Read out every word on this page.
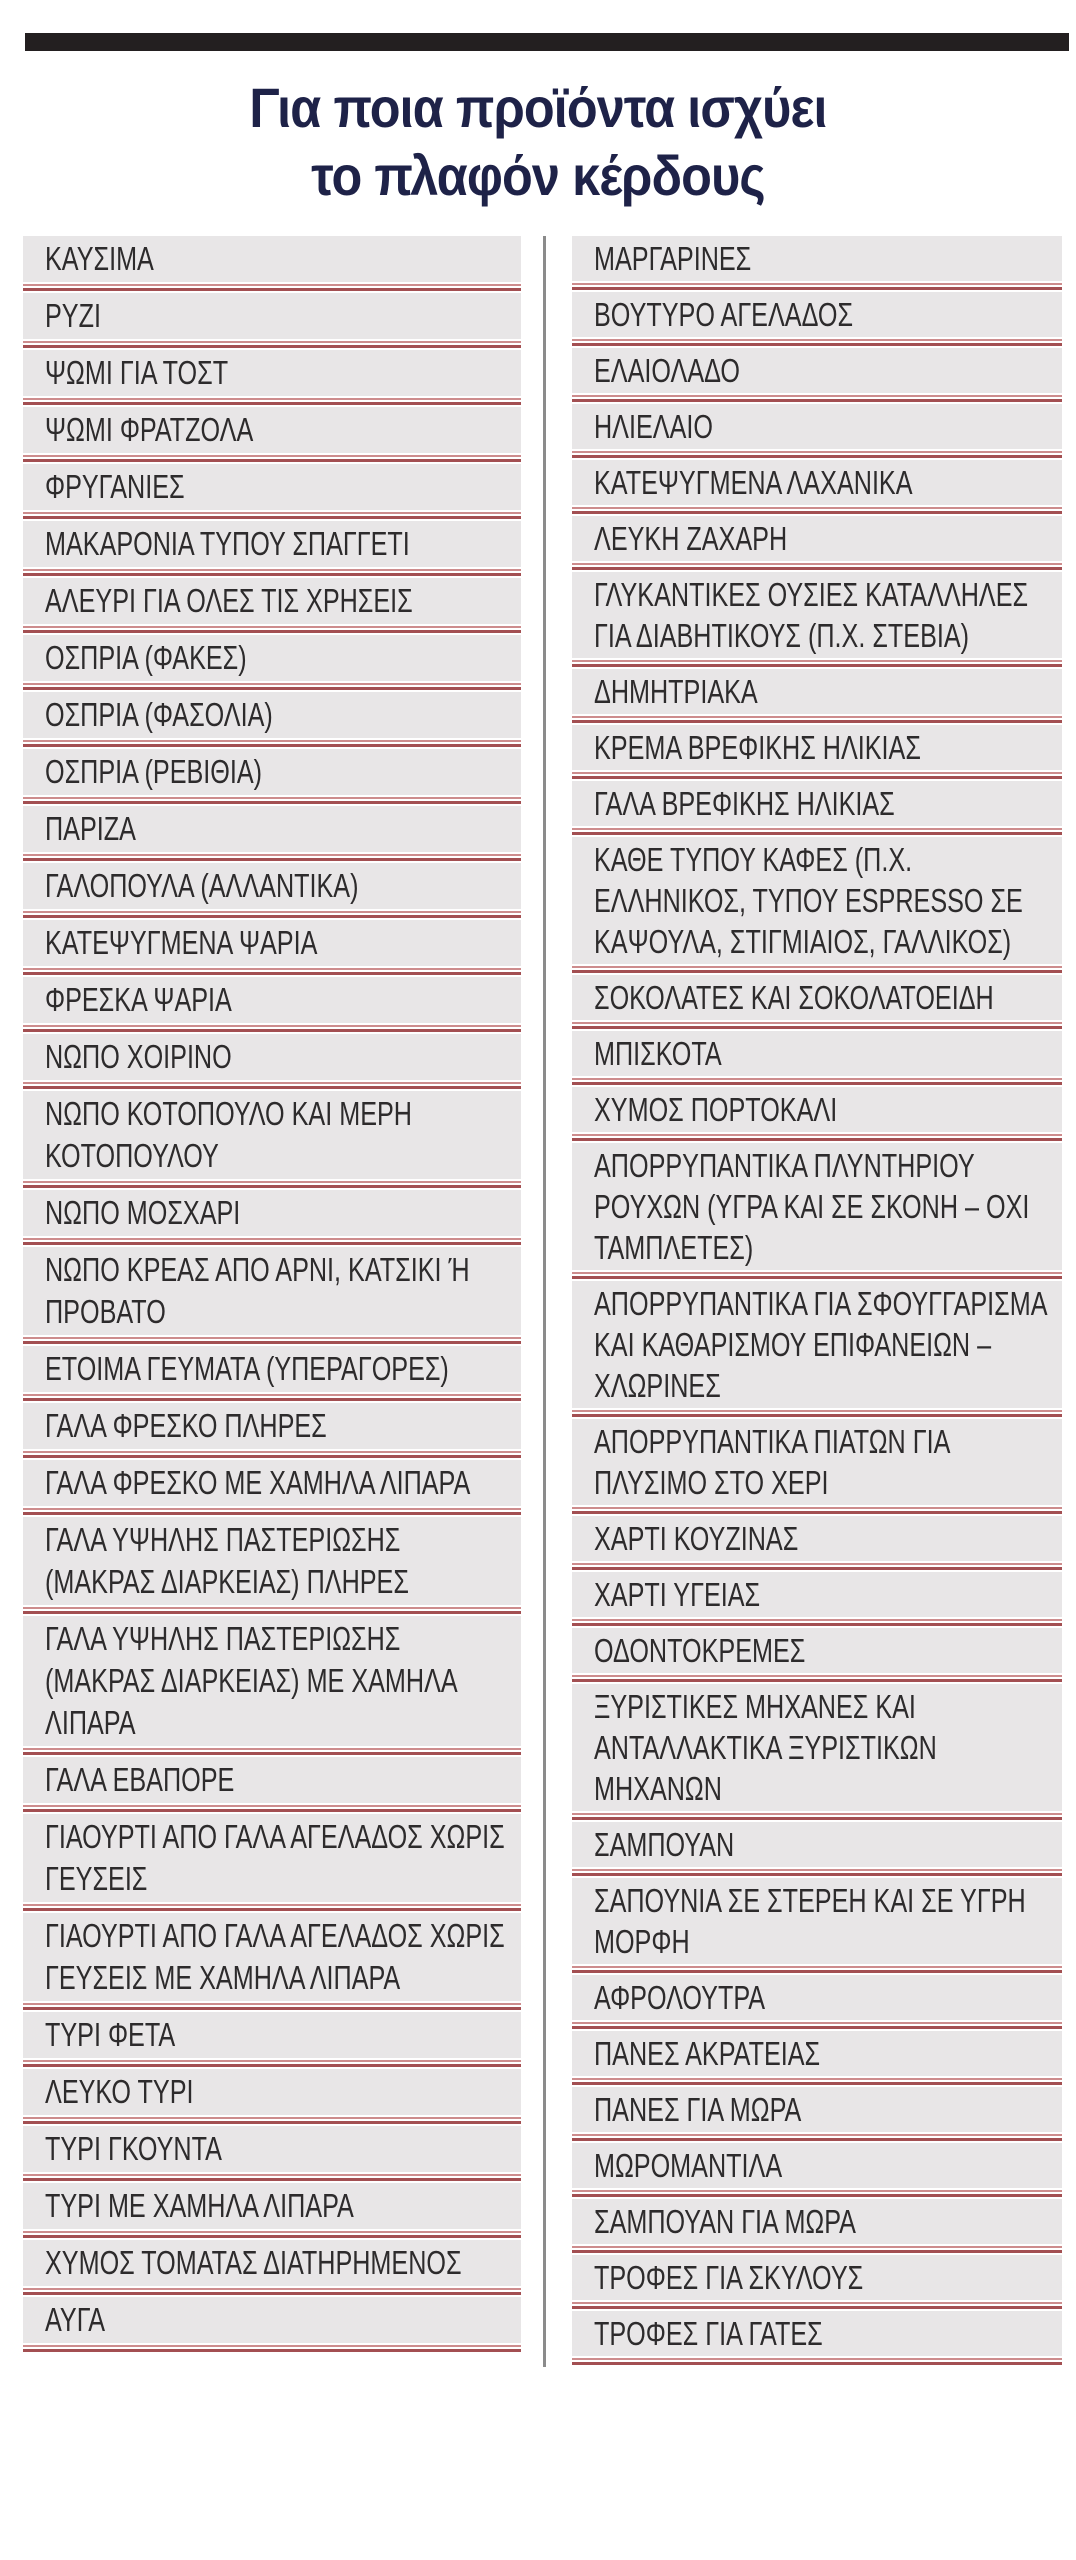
Για ποια προϊόντα ισχύει
το πλαφόν κέρδους
ΚΑΥΣΙΜΑ
ΡΥΖΙ
ΨΩΜΙ ΓΙΑ ΤΟΣΤ
ΨΩΜΙ ΦΡΑΤΖΟΛΑ
ΦΡΥΓΑΝΙΕΣ
ΜΑΚΑΡΟΝΙΑ ΤΥΠΟΥ ΣΠΑΓΓΕΤΙ
ΑΛΕΥΡΙ ΓΙΑ ΟΛΕΣ ΤΙΣ ΧΡΗΣΕΙΣ
ΟΣΠΡΙΑ (ΦΑΚΕΣ)
ΟΣΠΡΙΑ (ΦΑΣΟΛΙΑ)
ΟΣΠΡΙΑ (ΡΕΒΙΘΙΑ)
ΠΑΡΙΖΑ
ΓΑΛΟΠΟΥΛΑ (ΑΛΛΑΝΤΙΚΑ)
ΚΑΤΕΨΥΓΜΕΝΑ ΨΑΡΙΑ
ΦΡΕΣΚΑ ΨΑΡΙΑ
ΝΩΠΟ ΧΟΙΡΙΝΟ
ΝΩΠΟ ΚΟΤΟΠΟΥΛΟ ΚΑΙ ΜΕΡΗ ΚΟΤΟΠΟΥΛΟΥ
ΝΩΠΟ ΜΟΣΧΑΡΙ
ΝΩΠΟ ΚΡΕΑΣ ΑΠΟ ΑΡΝΙ, ΚΑΤΣΙΚΙ Ή ΠΡΟΒΑΤΟ
ΕΤΟΙΜΑ ΓΕΥΜΑΤΑ (ΥΠΕΡΑΓΟΡΕΣ)
ΓΑΛΑ ΦΡΕΣΚΟ ΠΛΗΡΕΣ
ΓΑΛΑ ΦΡΕΣΚΟ ΜΕ ΧΑΜΗΛΑ ΛΙΠΑΡΑ
ΓΑΛΑ ΥΨΗΛΗΣ ΠΑΣΤΕΡΙΩΣΗΣ (ΜΑΚΡΑΣ ΔΙΑΡΚΕΙΑΣ) ΠΛΗΡΕΣ
ΓΑΛΑ ΥΨΗΛΗΣ ΠΑΣΤΕΡΙΩΣΗΣ (ΜΑΚΡΑΣ ΔΙΑΡΚΕΙΑΣ) ΜΕ ΧΑΜΗΛΑ ΛΙΠΑΡΑ
ΓΑΛΑ ΕΒΑΠΟΡΕ
ΓΙΑΟΥΡΤΙ ΑΠΟ ΓΑΛΑ ΑΓΕΛΑΔΟΣ ΧΩΡΙΣ ΓΕΥΣΕΙΣ
ΓΙΑΟΥΡΤΙ ΑΠΟ ΓΑΛΑ ΑΓΕΛΑΔΟΣ ΧΩΡΙΣ ΓΕΥΣΕΙΣ ΜΕ ΧΑΜΗΛΑ ΛΙΠΑΡΑ
ΤΥΡΙ ΦΕΤΑ
ΛΕΥΚΟ ΤΥΡΙ
ΤΥΡΙ ΓΚΟΥΝΤΑ
ΤΥΡΙ ΜΕ ΧΑΜΗΛΑ ΛΙΠΑΡΑ
ΧΥΜΟΣ ΤΟΜΑΤΑΣ ΔΙΑΤΗΡΗΜΕΝΟΣ
ΑΥΓΑ
ΜΑΡΓΑΡΙΝΕΣ
ΒΟΥΤΥΡΟ ΑΓΕΛΑΔΟΣ
ΕΛΑΙΟΛΑΔΟ
ΗΛΙΕΛΑΙΟ
ΚΑΤΕΨΥΓΜΕΝΑ ΛΑΧΑΝΙΚΑ
ΛΕΥΚΗ ΖΑΧΑΡΗ
ΓΛΥΚΑΝΤΙΚΕΣ ΟΥΣΙΕΣ ΚΑΤΑΛΛΗΛΕΣ ΓΙΑ ΔΙΑΒΗΤΙΚΟΥΣ (Π.Χ. ΣΤΕΒΙΑ)
ΔΗΜΗΤΡΙΑΚΑ
ΚΡΕΜΑ ΒΡΕΦΙΚΗΣ ΗΛΙΚΙΑΣ
ΓΑΛΑ ΒΡΕΦΙΚΗΣ ΗΛΙΚΙΑΣ
ΚΑΘΕ ΤΥΠΟΥ ΚΑΦΕΣ (Π.Χ. ΕΛΛΗΝΙΚΟΣ, ΤΥΠΟΥ ESPRESSO ΣΕ ΚΑΨΟΥΛΑ, ΣΤΙΓΜΙΑΙΟΣ, ΓΑΛΛΙΚΟΣ)
ΣΟΚΟΛΑΤΕΣ ΚΑΙ ΣΟΚΟΛΑΤΟΕΙΔΗ
ΜΠΙΣΚΟΤΑ
ΧΥΜΟΣ ΠΟΡΤΟΚΑΛΙ
ΑΠΟΡΡΥΠΑΝΤΙΚΑ ΠΛΥΝΤΗΡΙΟΥ ΡΟΥΧΩΝ (ΥΓΡΑ ΚΑΙ ΣΕ ΣΚΟΝΗ – ΟΧΙ ΤΑΜΠΛΕΤΕΣ)
ΑΠΟΡΡΥΠΑΝΤΙΚΑ ΓΙΑ ΣΦΟΥΓΓΑΡΙΣΜΑ ΚΑΙ ΚΑΘΑΡΙΣΜΟΥ ΕΠΙΦΑΝΕΙΩΝ – ΧΛΩΡΙΝΕΣ
ΑΠΟΡΡΥΠΑΝΤΙΚΑ ΠΙΑΤΩΝ ΓΙΑ ΠΛΥΣΙΜΟ ΣΤΟ ΧΕΡΙ
ΧΑΡΤΙ ΚΟΥΖΙΝΑΣ
ΧΑΡΤΙ ΥΓΕΙΑΣ
ΟΔΟΝΤΟΚΡΕΜΕΣ
ΞΥΡΙΣΤΙΚΕΣ ΜΗΧΑΝΕΣ ΚΑΙ ΑΝΤΑΛΛΑΚΤΙΚΑ ΞΥΡΙΣΤΙΚΩΝ ΜΗΧΑΝΩΝ
ΣΑΜΠΟΥΑΝ
ΣΑΠΟΥΝΙΑ ΣΕ ΣΤΕΡΕΗ ΚΑΙ ΣΕ ΥΓΡΗ ΜΟΡΦΗ
ΑΦΡΟΛΟΥΤΡΑ
ΠΑΝΕΣ ΑΚΡΑΤΕΙΑΣ
ΠΑΝΕΣ ΓΙΑ ΜΩΡΑ
ΜΩΡΟΜΑΝΤΙΛΑ
ΣΑΜΠΟΥΑΝ ΓΙΑ ΜΩΡΑ
ΤΡΟΦΕΣ ΓΙΑ ΣΚΥΛΟΥΣ
ΤΡΟΦΕΣ ΓΙΑ ΓΑΤΕΣ
